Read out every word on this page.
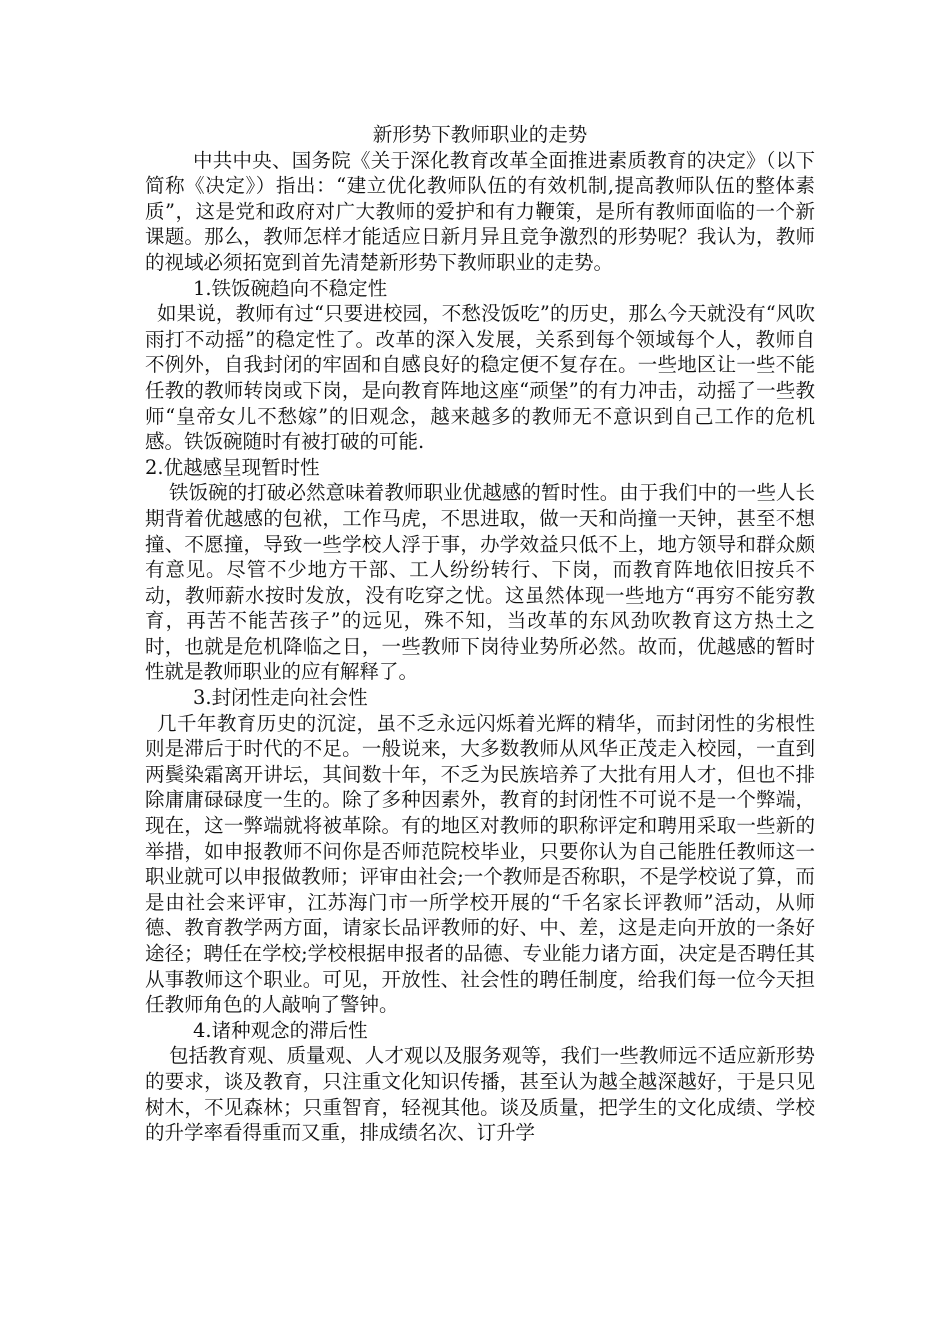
新形势下教师职业的走势

中共中央、国务院《关于深化教育改革全面推进素质教育的决定》（以下简称《决定》）指出：“建立优化教师队伍的有效机制,提高教师队伍的整体素质”，这是党和政府对广大教师的爱护和有力鞭策，是所有教师面临的一个新课题。那么，教师怎样才能适应日新月异且竞争激烈的形势呢？我认为，教师的视域必须拓宽到首先清楚新形势下教师职业的走势。

1.铁饭碗趋向不稳定性

如果说，教师有过“只要进校园，不愁没饭吃”的历史，那么今天就没有“风吹雨打不动摇”的稳定性了。改革的深入发展，关系到每个领域每个人，教师自不例外，自我封闭的牢固和自感良好的稳定便不复存在。一些地区让一些不能任教的教师转岗或下岗，是向教育阵地这座“顽堡”的有力冲击，动摇了一些教师“皇帝女儿不愁嫁”的旧观念，越来越多的教师无不意识到自己工作的危机感。铁饭碗随时有被打破的可能.

2.优越感呈现暂时性

铁饭碗的打破必然意味着教师职业优越感的暂时性。由于我们中的一些人长期背着优越感的包袱，工作马虎，不思进取，做一天和尚撞一天钟，甚至不想撞、不愿撞，导致一些学校人浮于事，办学效益只低不上，地方领导和群众颇有意见。尽管不少地方干部、工人纷纷转行、下岗，而教育阵地依旧按兵不动，教师薪水按时发放，没有吃穿之忧。这虽然体现一些地方“再穷不能穷教育，再苦不能苦孩子”的远见，殊不知，当改革的东风劲吹教育这方热土之时，也就是危机降临之日，一些教师下岗待业势所必然。故而，优越感的暂时性就是教师职业的应有解释了。

3.封闭性走向社会性

几千年教育历史的沉淀，虽不乏永远闪烁着光辉的精华，而封闭性的劣根性则是滞后于时代的不足。一般说来，大多数教师从风华正茂走入校园，一直到两鬓染霜离开讲坛，其间数十年，不乏为民族培养了大批有用人才，但也不排除庸庸碌碌度一生的。除了多种因素外，教育的封闭性不可说不是一个弊端，现在，这一弊端就将被革除。有的地区对教师的职称评定和聘用采取一些新的举措，如申报教师不问你是否师范院校毕业，只要你认为自己能胜任教师这一职业就可以申报做教师；评审由社会;一个教师是否称职，不是学校说了算，而是由社会来评审，江苏海门市一所学校开展的“千名家长评教师”活动，从师德、教育教学两方面，请家长品评教师的好、中、差，这是走向开放的一条好途径；聘任在学校;学校根据申报者的品德、专业能力诸方面，决定是否聘任其从事教师这个职业。可见，开放性、社会性的聘任制度，给我们每一位今天担任教师角色的人敲响了警钟。

4.诸种观念的滞后性

包括教育观、质量观、人才观以及服务观等，我们一些教师远不适应新形势的要求，谈及教育，只注重文化知识传播，甚至认为越全越深越好，于是只见树木，不见森林；只重智育，轻视其他。谈及质量，把学生的文化成绩、学校的升学率看得重而又重，排成绩名次、订升学
